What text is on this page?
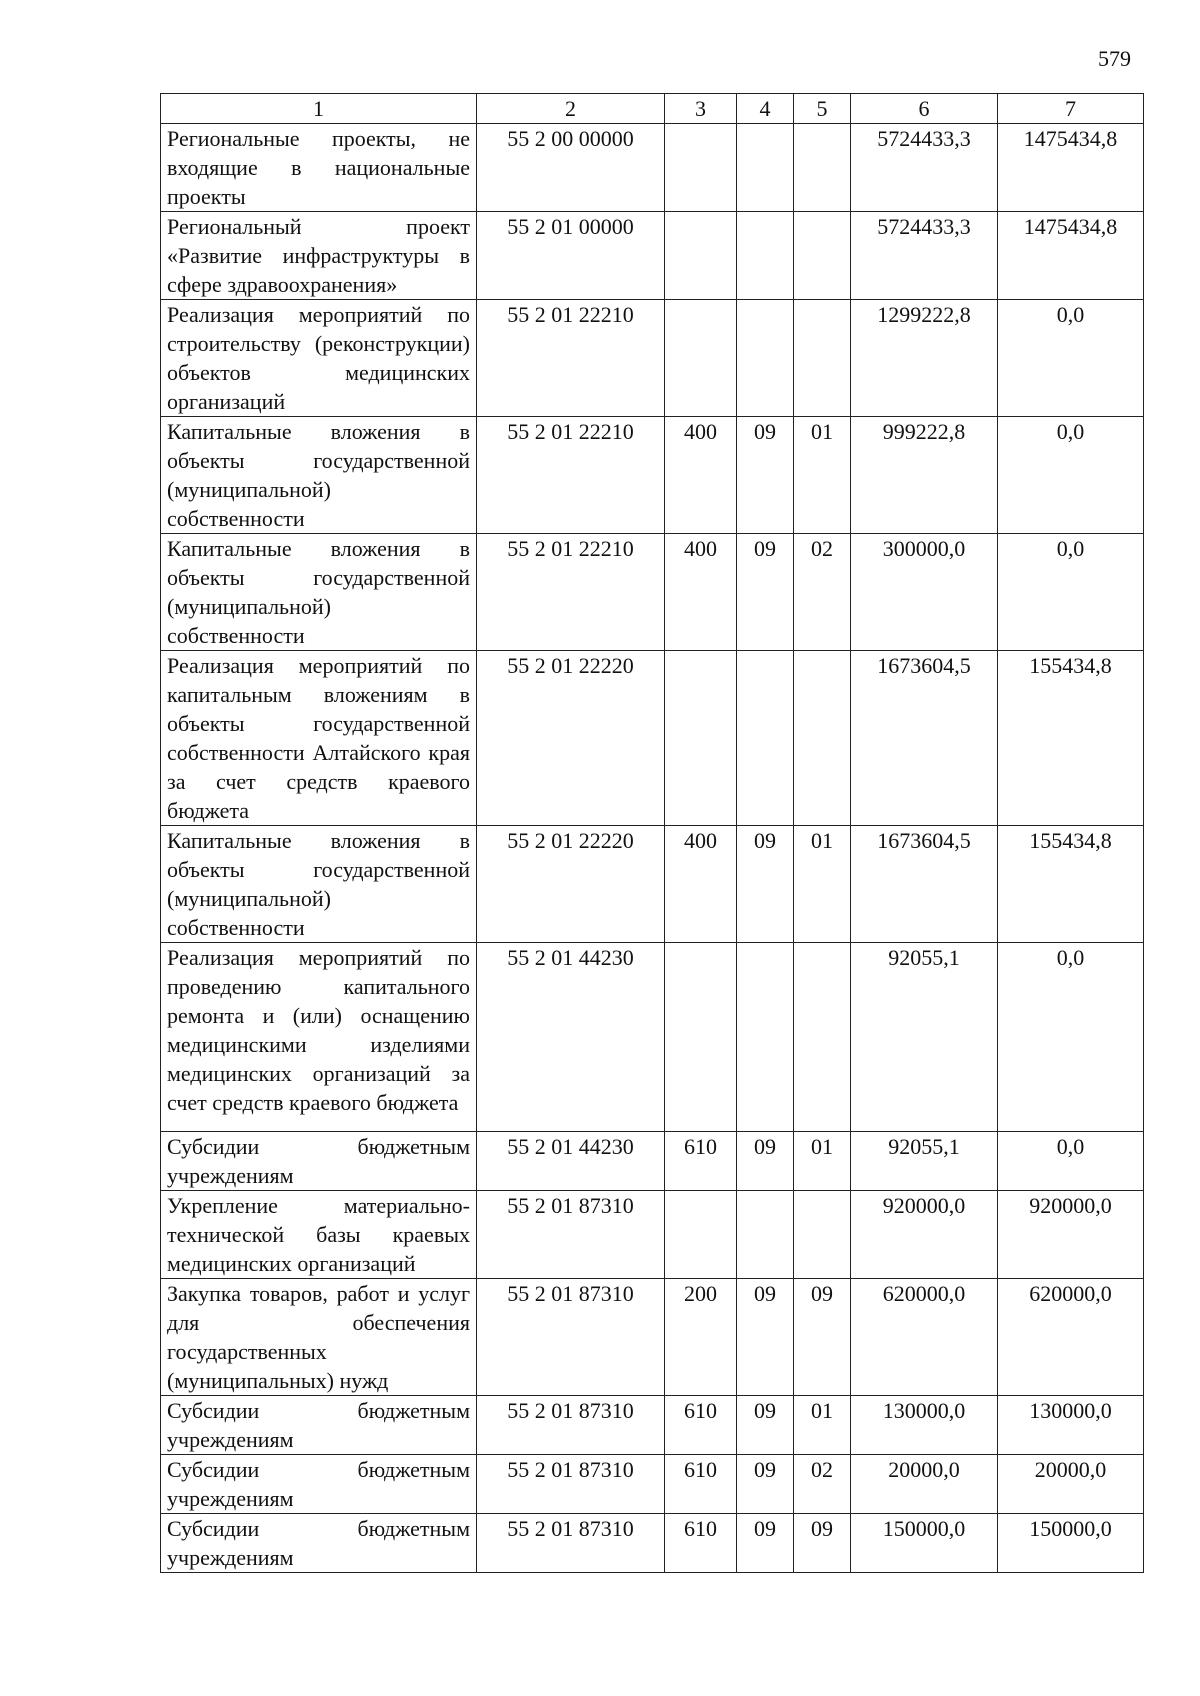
579
1	2	3	4	5	6	7
Региональные проекты, не входящие в национальные проекты	55 2 00 00000				5724433,3	1475434,8
Региональный проект «Развитие инфраструктуры в сфере здравоохранения»	55 2 01 00000				5724433,3	1475434,8
Реализация мероприятий по строительству (реконструкции) объектов медицинских организаций	55 2 01 22210				1299222,8	0,0
Капитальные вложения в объекты государственной (муниципальной) собственности	55 2 01 22210	400	09	01	999222,8	0,0
Капитальные вложения в объекты государственной (муниципальной) собственности	55 2 01 22210	400	09	02	300000,0	0,0
Реализация мероприятий по капитальным вложениям в объекты государственной собственности Алтайского края за счет средств краевого бюджета	55 2 01 22220				1673604,5	155434,8
Капитальные вложения в объекты государственной (муниципальной) собственности	55 2 01 22220	400	09	01	1673604,5	155434,8
Реализация мероприятий по проведению капитального ремонта и (или) оснащению медицинскими изделиями медицинских организаций за счет средств краевого бюджета	55 2 01 44230				92055,1	0,0
Субсидии бюджетным учреждениям	55 2 01 44230	610	09	01	92055,1	0,0
Укрепление материально-технической базы краевых медицинских организаций	55 2 01 87310				920000,0	920000,0
Закупка товаров, работ и услуг для обеспечения государственных (муниципальных) нужд	55 2 01 87310	200	09	09	620000,0	620000,0
Субсидии бюджетным учреждениям	55 2 01 87310	610	09	01	130000,0	130000,0
Субсидии бюджетным учреждениям	55 2 01 87310	610	09	02	20000,0	20000,0
Субсидии бюджетным учреждениям	55 2 01 87310	610	09	09	150000,0	150000,0
